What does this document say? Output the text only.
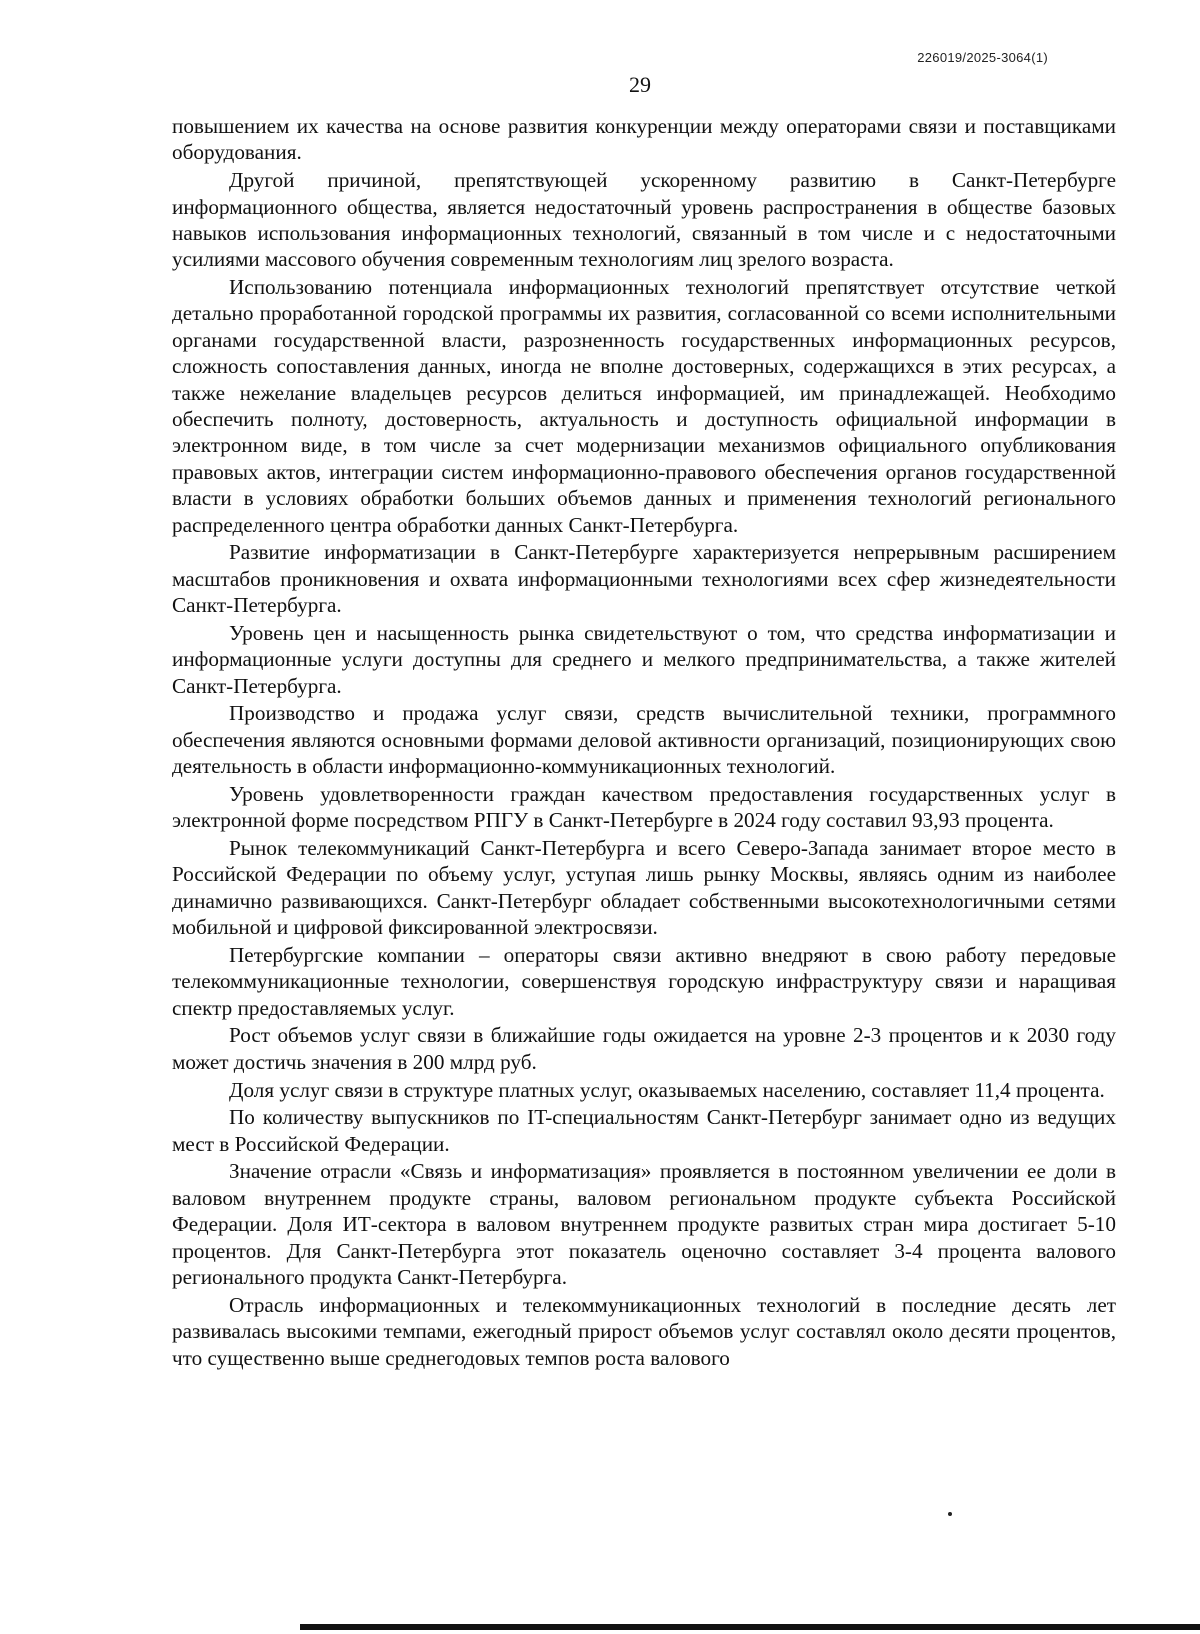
226019/2025-3064(1)
29

повышением их качества на основе развития конкуренции между операторами связи и поставщиками оборудования.

Другой причиной, препятствующей ускоренному развитию в Санкт-Петербурге информационного общества, является недостаточный уровень распространения в обществе базовых навыков использования информационных технологий, связанный в том числе и с недостаточными усилиями массового обучения современным технологиям лиц зрелого возраста.

Использованию потенциала информационных технологий препятствует отсутствие четкой детально проработанной городской программы их развития, согласованной со всеми исполнительными органами государственной власти, разрозненность государственных информационных ресурсов, сложность сопоставления данных, иногда не вполне достоверных, содержащихся в этих ресурсах, а также нежелание владельцев ресурсов делиться информацией, им принадлежащей. Необходимо обеспечить полноту, достоверность, актуальность и доступность официальной информации в электронном виде, в том числе за счет модернизации механизмов официального опубликования правовых актов, интеграции систем информационно-правового обеспечения органов государственной власти в условиях обработки больших объемов данных и применения технологий регионального распределенного центра обработки данных Санкт-Петербурга.

Развитие информатизации в Санкт-Петербурге характеризуется непрерывным расширением масштабов проникновения и охвата информационными технологиями всех сфер жизнедеятельности Санкт-Петербурга.

Уровень цен и насыщенность рынка свидетельствуют о том, что средства информатизации и информационные услуги доступны для среднего и мелкого предпринимательства, а также жителей Санкт-Петербурга.

Производство и продажа услуг связи, средств вычислительной техники, программного обеспечения являются основными формами деловой активности организаций, позиционирующих свою деятельность в области информационно-коммуникационных технологий.

Уровень удовлетворенности граждан качеством предоставления государственных услуг в электронной форме посредством РПГУ в Санкт-Петербурге в 2024 году составил 93,93 процента.

Рынок телекоммуникаций Санкт-Петербурга и всего Северо-Запада занимает второе место в Российской Федерации по объему услуг, уступая лишь рынку Москвы, являясь одним из наиболее динамично развивающихся. Санкт-Петербург обладает собственными высокотехнологичными сетями мобильной и цифровой фиксированной электросвязи.

Петербургские компании – операторы связи активно внедряют в свою работу передовые телекоммуникационные технологии, совершенствуя городскую инфраструктуру связи и наращивая спектр предоставляемых услуг.

Рост объемов услуг связи в ближайшие годы ожидается на уровне 2-3 процентов и к 2030 году может достичь значения в 200 млрд руб.

Доля услуг связи в структуре платных услуг, оказываемых населению, составляет 11,4 процента.

По количеству выпускников по IT-специальностям Санкт-Петербург занимает одно из ведущих мест в Российской Федерации.

Значение отрасли «Связь и информатизация» проявляется в постоянном увеличении ее доли в валовом внутреннем продукте страны, валовом региональном продукте субъекта Российской Федерации. Доля ИТ-сектора в валовом внутреннем продукте развитых стран мира достигает 5-10 процентов. Для Санкт-Петербурга этот показатель оценочно составляет 3-4 процента валового регионального продукта Санкт-Петербурга.

Отрасль информационных и телекоммуникационных технологий в последние десять лет развивалась высокими темпами, ежегодный прирост объемов услуг составлял около десяти процентов, что существенно выше среднегодовых темпов роста валового
